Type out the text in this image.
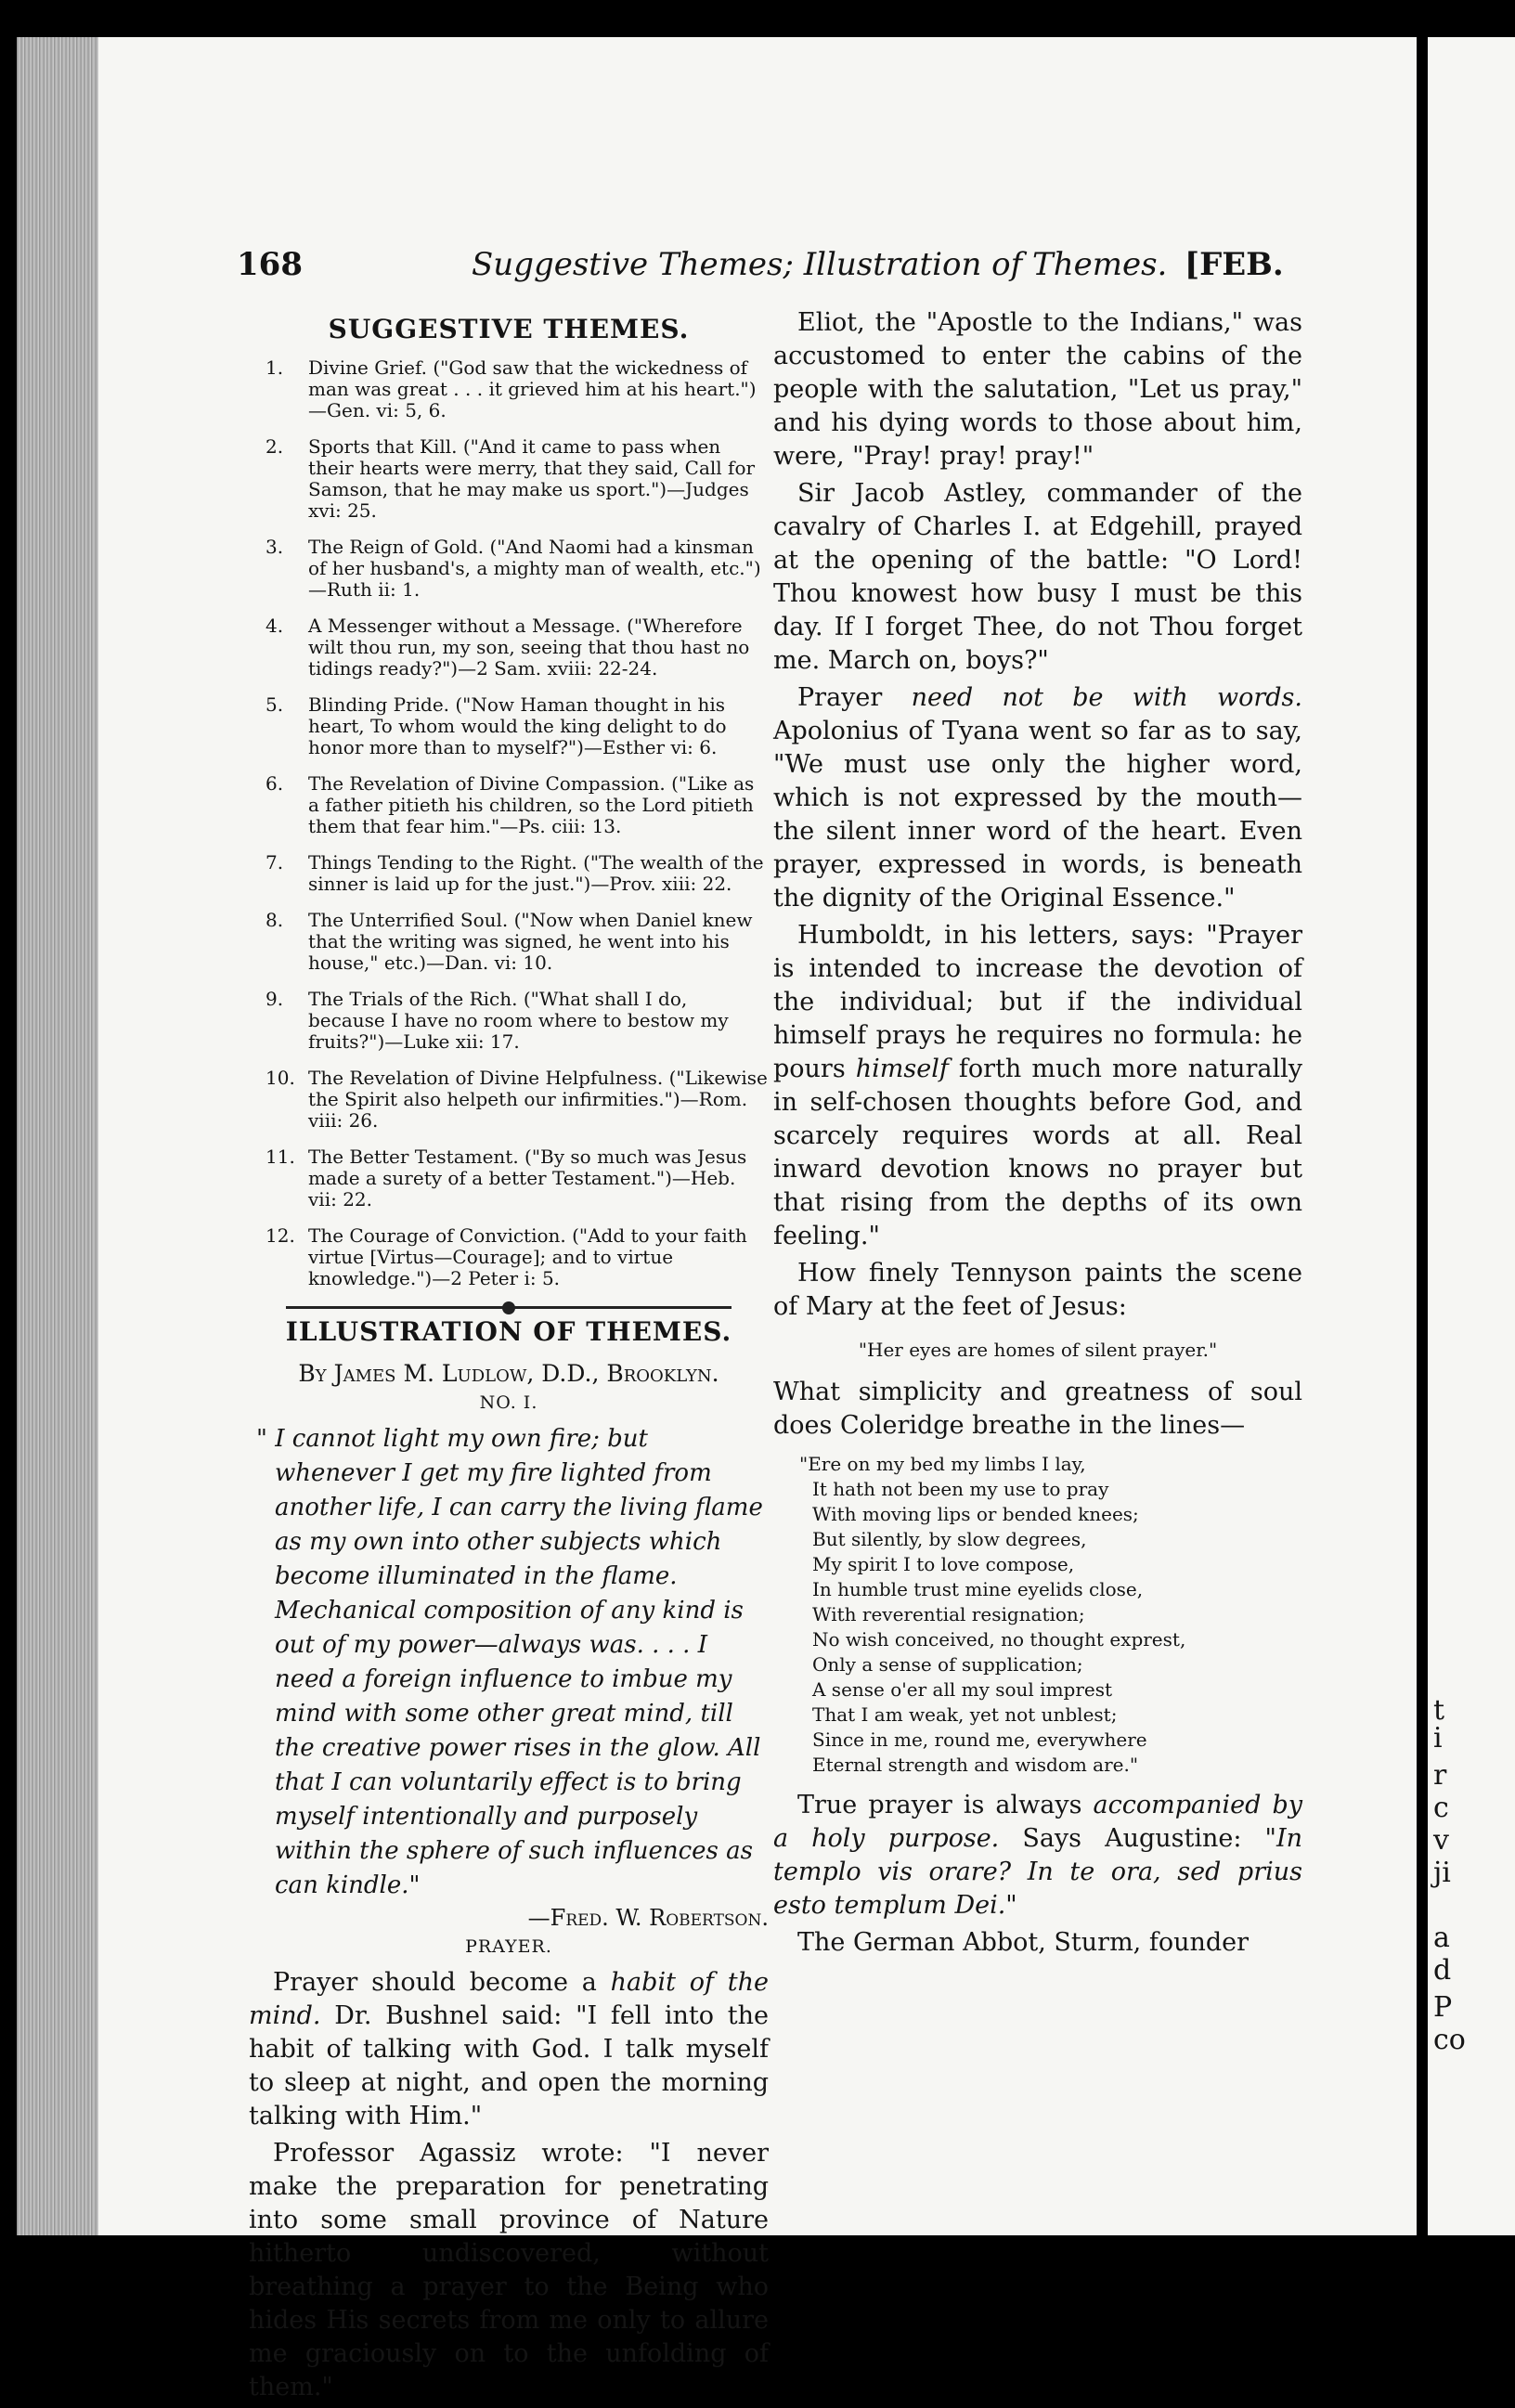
168	Suggestive Themes; Illustration of Themes. [FEB.
SUGGESTIVE THEMES.
1. Divine Grief. ("God saw that the wickedness of man was great . . . it grieved him at his heart.")—Gen. vi: 5, 6.
2. Sports that Kill. ("And it came to pass when their hearts were merry, that they said, Call for Samson, that he may make us sport.")—Judges xvi: 25.
3. The Reign of Gold. ("And Naomi had a kinsman of her husband's, a mighty man of wealth, etc.")—Ruth ii: 1.
4. A Messenger without a Message. ("Wherefore wilt thou run, my son, seeing that thou hast no tidings ready?")—2 Sam. xviii: 22-24.
5. Blinding Pride. ("Now Haman thought in his heart, To whom would the king delight to do honor more than to myself?")—Esther vi: 6.
6. The Revelation of Divine Compassion. ("Like as a father pitieth his children, so the Lord pitieth them that fear him."—Ps. ciii: 13.
7. Things Tending to the Right. ("The wealth of the sinner is laid up for the just.")—Prov. xiii: 22.
8. The Unterrified Soul. ("Now when Daniel knew that the writing was signed, he went into his house," etc.)—Dan. vi: 10.
9. The Trials of the Rich. ("What shall I do, because I have no room where to bestow my fruits?")—Luke xii: 17.
10. The Revelation of Divine Helpfulness. ("Likewise the Spirit also helpeth our infirmities.")—Rom. viii: 26.
11. The Better Testament. ("By so much was Jesus made a surety of a better Testament.")—Heb. vii: 22.
12. The Courage of Conviction. ("Add to your faith virtue [Virtus—Courage]; and to virtue knowledge.")—2 Peter i: 5.
ILLUSTRATION OF THEMES.
By James M. Ludlow, D.D., Brooklyn.
NO. I.
" I cannot light my own fire; but whenever I get my fire lighted from another life, I can carry the living flame as my own into other subjects which become illuminated in the flame. Mechanical composition of any kind is out of my power—always was. . . . I need a foreign influence to imbue my mind with some other great mind, till the creative power rises in the glow. All that I can voluntarily effect is to bring myself intentionally and purposely within the sphere of such influences as can kindle."
—Fred. W. Robertson.
PRAYER.

Prayer should become a habit of the mind. Dr. Bushnel said: "I fell into the habit of talking with God. I talk myself to sleep at night, and open the morning talking with Him."

Professor Agassiz wrote: "I never make the preparation for penetrating into some small province of Nature hitherto undiscovered, without breathing a prayer to the Being who hides His secrets from me only to allure me graciously on to the unfolding of them."

Eliot, the "Apostle to the Indians," was accustomed to enter the cabins of the people with the salutation, "Let us pray," and his dying words to those about him, were, "Pray! pray! pray!"

Sir Jacob Astley, commander of the cavalry of Charles I. at Edgehill, prayed at the opening of the battle: "O Lord! Thou knowest how busy I must be this day. If I forget Thee, do not Thou forget me. March on, boys?"

Prayer need not be with words. Apolonius of Tyana went so far as to say, "We must use only the higher word, which is not expressed by the mouth—the silent inner word of the heart. Even prayer, expressed in words, is beneath the dignity of the Original Essence."

Humboldt, in his letters, says: "Prayer is intended to increase the devotion of the individual; but if the individual himself prays he requires no formula: he pours himself forth much more naturally in self-chosen thoughts before God, and scarcely requires words at all. Real inward devotion knows no prayer but that rising from the depths of its own feeling."

How finely Tennyson paints the scene of Mary at the feet of Jesus:

"Her eyes are homes of silent prayer."

What simplicity and greatness of soul does Coleridge breathe in the lines—

"Ere on my bed my limbs I lay,
It hath not been my use to pray
With moving lips or bended knees;
But silently, by slow degrees,
My spirit I to love compose,
In humble trust mine eyelids close,
With reverential resignation;
No wish conceived, no thought exprest,
Only a sense of supplication;
A sense o'er all my soul imprest
That I am weak, yet not unblest;
Since in me, round me, everywhere
Eternal strength and wisdom are."

True prayer is always accompanied by a holy purpose. Says Augustine: "In templo vis orare? In te ora, sed prius esto templum Dei."

The German Abbot, Sturm, founder

t
i
r
c
v
ji
a
d
P
co
